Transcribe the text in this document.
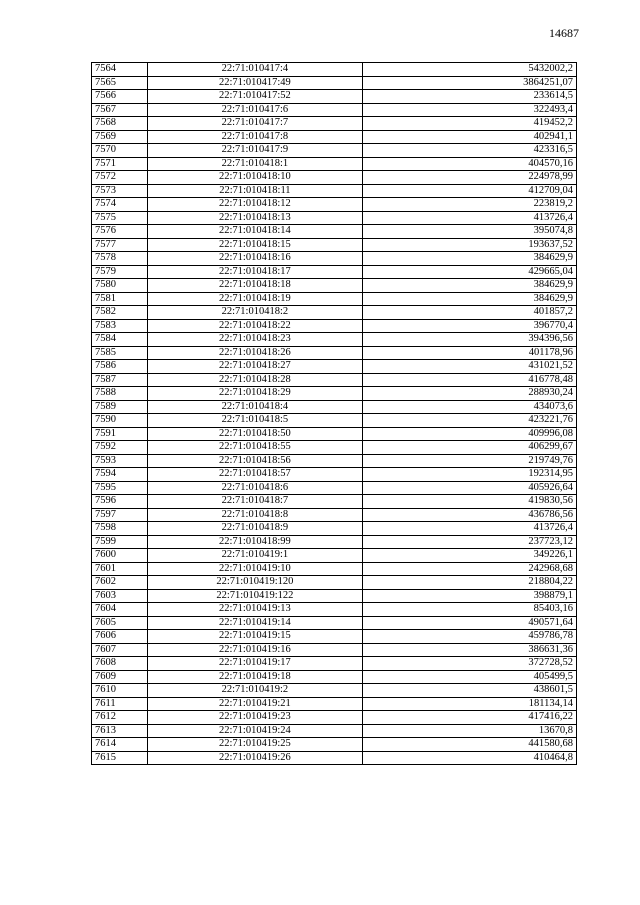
14687
7564	22:71:010417:4	5432002,2
7565	22:71:010417:49	3864251,07
7566	22:71:010417:52	233614,5
7567	22:71:010417:6	322493,4
7568	22:71:010417:7	419452,2
7569	22:71:010417:8	402941,1
7570	22:71:010417:9	423316,5
7571	22:71:010418:1	404570,16
7572	22:71:010418:10	224978,99
7573	22:71:010418:11	412709,04
7574	22:71:010418:12	223819,2
7575	22:71:010418:13	413726,4
7576	22:71:010418:14	395074,8
7577	22:71:010418:15	193637,52
7578	22:71:010418:16	384629,9
7579	22:71:010418:17	429665,04
7580	22:71:010418:18	384629,9
7581	22:71:010418:19	384629,9
7582	22:71:010418:2	401857,2
7583	22:71:010418:22	396770,4
7584	22:71:010418:23	394396,56
7585	22:71:010418:26	401178,96
7586	22:71:010418:27	431021,52
7587	22:71:010418:28	416778,48
7588	22:71:010418:29	288930,24
7589	22:71:010418:4	434073,6
7590	22:71:010418:5	423221,76
7591	22:71:010418:50	409996,08
7592	22:71:010418:55	406299,67
7593	22:71:010418:56	219749,76
7594	22:71:010418:57	192314,95
7595	22:71:010418:6	405926,64
7596	22:71:010418:7	419830,56
7597	22:71:010418:8	436786,56
7598	22:71:010418:9	413726,4
7599	22:71:010418:99	237723,12
7600	22:71:010419:1	349226,1
7601	22:71:010419:10	242968,68
7602	22:71:010419:120	218804,22
7603	22:71:010419:122	398879,1
7604	22:71:010419:13	85403,16
7605	22:71:010419:14	490571,64
7606	22:71:010419:15	459786,78
7607	22:71:010419:16	386631,36
7608	22:71:010419:17	372728,52
7609	22:71:010419:18	405499,5
7610	22:71:010419:2	438601,5
7611	22:71:010419:21	181134,14
7612	22:71:010419:23	417416,22
7613	22:71:010419:24	13670,8
7614	22:71:010419:25	441580,68
7615	22:71:010419:26	410464,8
